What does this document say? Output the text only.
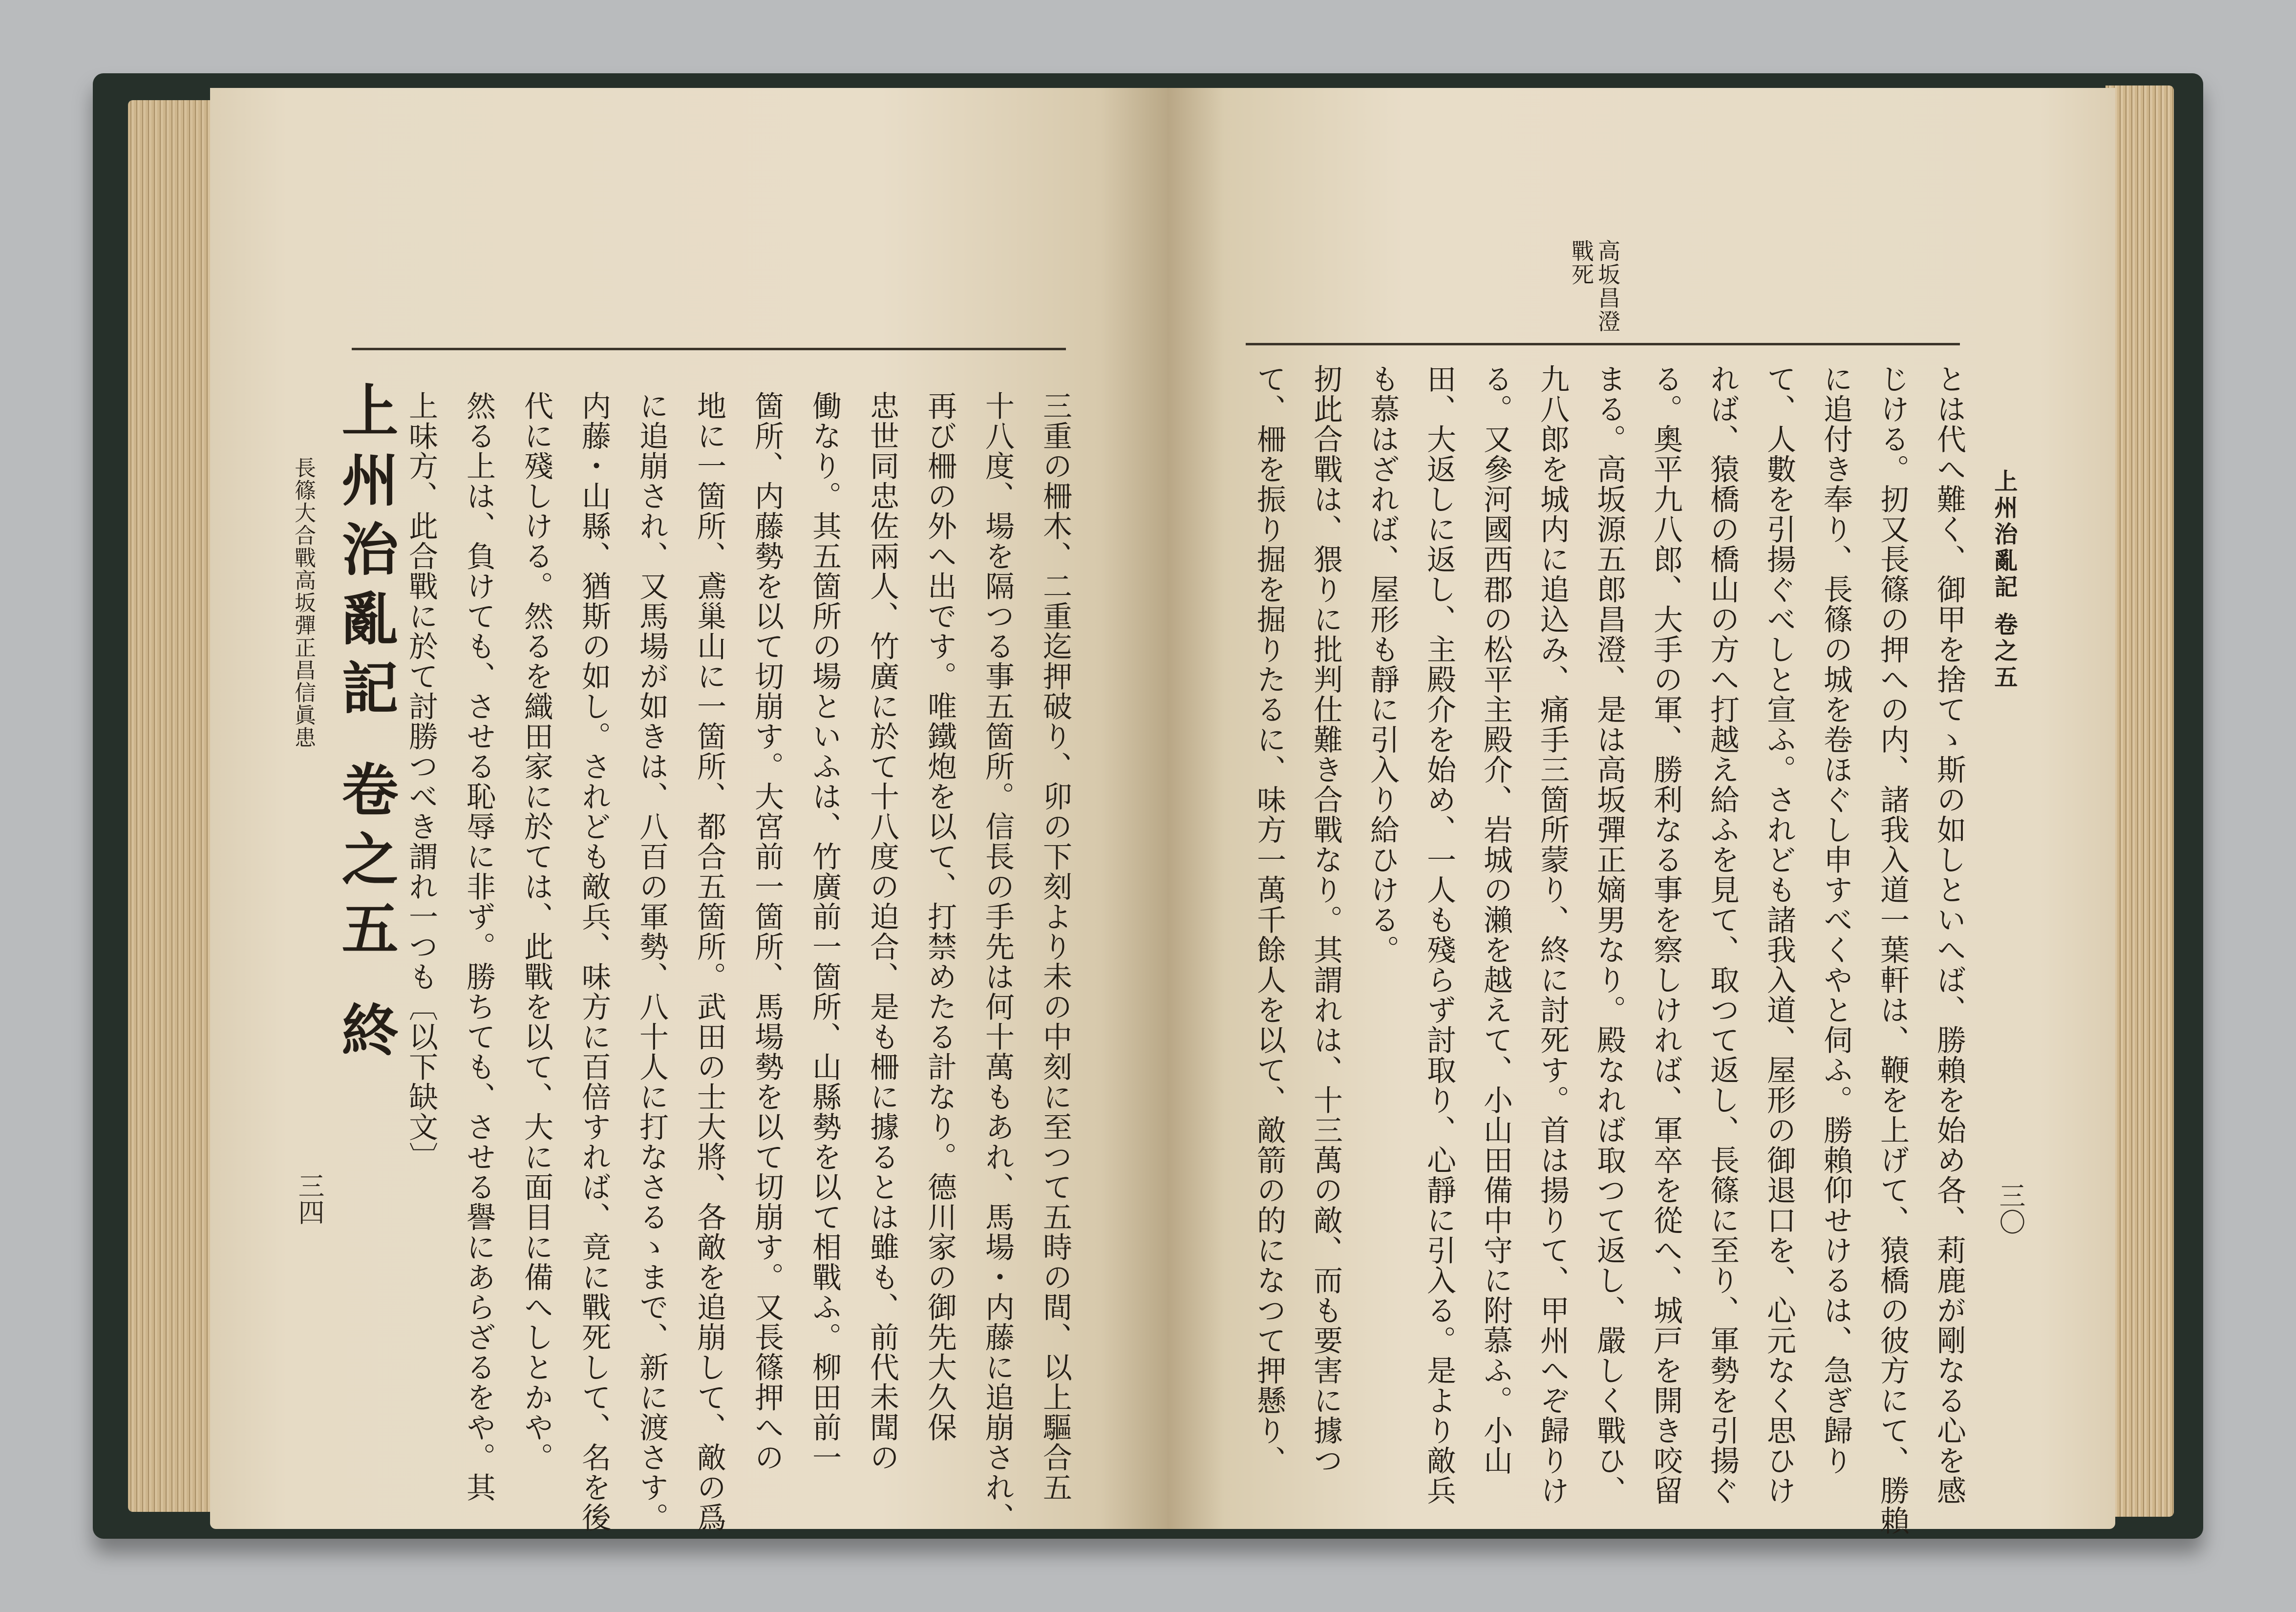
上州治亂記 卷之五
高坂昌澄戰死
三〇
上州治亂記 卷之五 終
長篠大合戰高坂彈正昌信眞患
三四	三重の柵木、二重迄押破り、卯の下刻より未の中刻に至つて五時の間、以上驅合五
十八度、場を隔つる事五箇所。信長の手先は何十萬もあれ、馬場・内藤に追崩され、
再び柵の外へ出です。唯鐵炮を以て、打禁めたる計なり。德川家の御先大久保
忠世同忠佐兩人、竹廣に於て十八度の迫合、是も柵に據るとは雖も、前代未聞の
働なり。其五箇所の場といふは、竹廣前一箇所、山縣勢を以て相戰ふ。柳田前一
箇所、内藤勢を以て切崩す。大宮前一箇所、馬場勢を以て切崩す。又長篠押への
地に一箇所、鳶巢山に一箇所、都合五箇所。武田の士大將、各敵を追崩して、敵の爲
に追崩され、又馬場が如きは、八百の軍勢、八十人に打なさるゝまで、新に渡さす。
内藤・山縣、猶斯の如し。されども敵兵、味方に百倍すれば、竟に戰死して、名を後
代に殘しける。然るを織田家に於ては、此戰を以て、大に面目に備へしとかや。
然る上は、負けても、させる恥辱に非ず。勝ちても、させる譽にあらざるをや。其
上味方、此合戰に於て討勝つべき謂れ一つも〔以下缺文〕	とは代へ難く、御甲を捨てゝ斯の如しといへば、勝賴を始め各、莉鹿が剛なる心を感
じける。扨又長篠の押への内、諸我入道一葉軒は、鞭を上げて、猿橋の彼方にて、勝賴
に追付き奉り、長篠の城を卷ほぐし申すべくやと伺ふ。勝賴仰せけるは、急ぎ歸り
て、人數を引揚ぐべしと宣ふ。されども諸我入道、屋形の御退口を、心元なく思ひけ
れば、猿橋の橋山の方へ打越え給ふを見て、取つて返し、長篠に至り、軍勢を引揚ぐ
る。奧平九八郎、大手の軍、勝利なる事を察しければ、軍卒を從へ、城戸を開き咬留
まる。高坂源五郎昌澄、是は高坂彈正嫡男なり。殿なれば取つて返し、嚴しく戰ひ、
九八郎を城内に追込み、痛手三箇所蒙り、終に討死す。首は揚りて、甲州へぞ歸りけ
る。又參河國西郡の松平主殿介、岩城の瀨を越えて、小山田備中守に附慕ふ。小山
田、大返しに返し、主殿介を始め、一人も殘らず討取り、心靜に引入る。是より敵兵
も慕はざれば、屋形も靜に引入り給ひける。
扨此合戰は、猥りに批判仕難き合戰なり。其謂れは、十三萬の敵、而も要害に據つ
て、柵を振り掘を掘りたるに、味方一萬千餘人を以て、敵箭の的になつて押懸り、
